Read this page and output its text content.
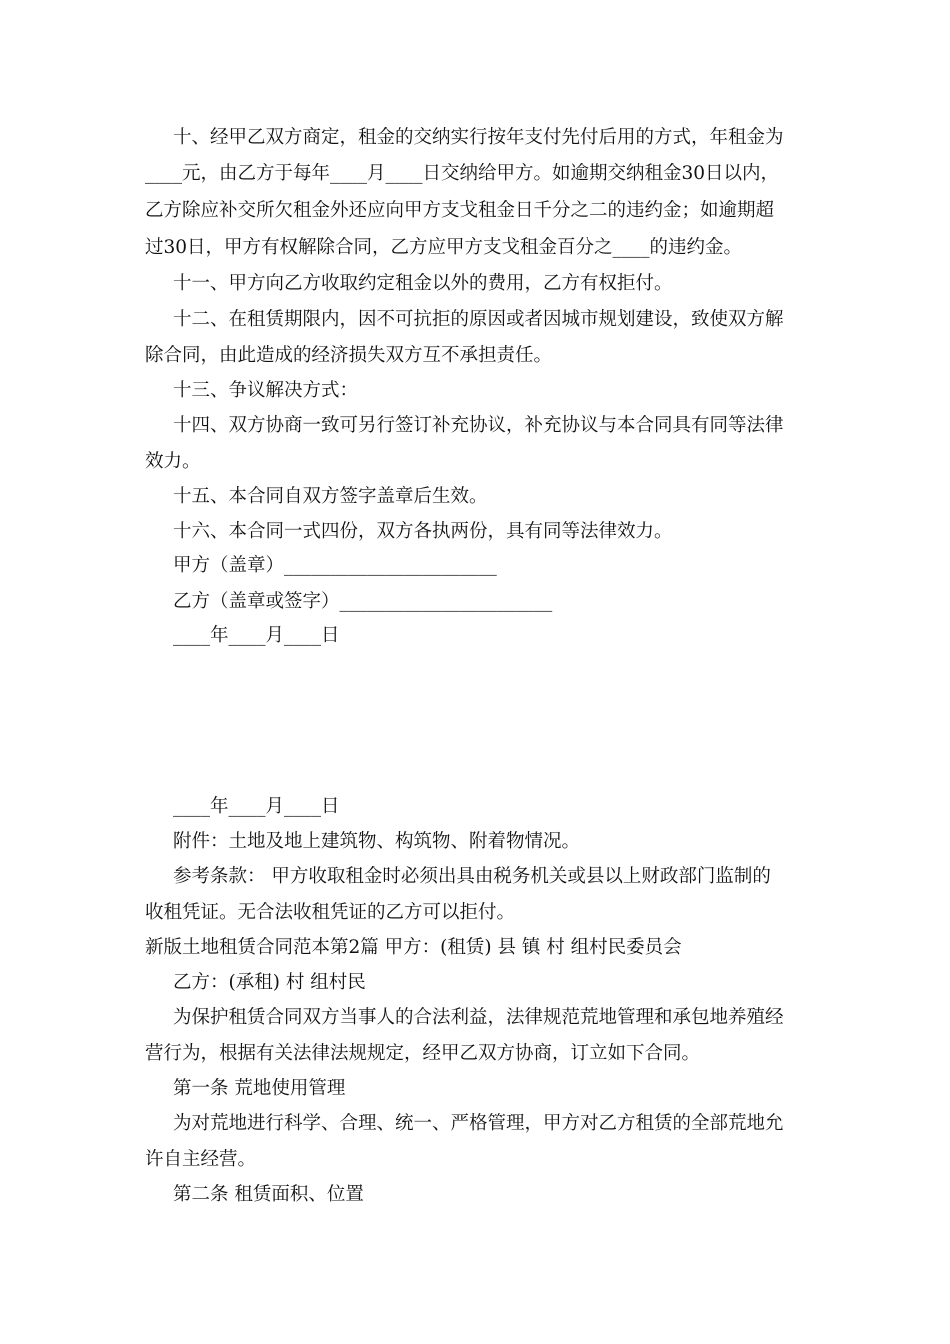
十、经甲乙双方商定，租金的交纳实行按年支付先付后用的方式，年租金为
____元，由乙方于每年____月____日交纳给甲方。如逾期交纳租金30日以内，
乙方除应补交所欠租金外还应向甲方支戈租金日千分之二的违约金；如逾期超
过30日，甲方有权解除合同，乙方应甲方支戈租金百分之____的违约金。
十一、甲方向乙方收取约定租金以外的费用，乙方有权拒付。
十二、在租赁期限内，因不可抗拒的原因或者因城市规划建设，致使双方解
除合同，由此造成的经济损失双方互不承担责任。
十三、争议解决方式：
十四、双方协商一致可另行签订补充协议，补充协议与本合同具有同等法律
效力。
十五、本合同自双方签字盖章后生效。
十六、本合同一式四份，双方各执两份，具有同等法律效力。
甲方（盖章）_______________________
乙方（盖章或签字）_______________________
____年____月____日
____年____月____日
附件：土地及地上建筑物、构筑物、附着物情况。
参考条款： 甲方收取租金时必须出具由税务机关或县以上财政部门监制的
收租凭证。无合法收租凭证的乙方可以拒付。
新版土地租赁合同范本第2篇 甲方：(租赁) 县 镇 村 组村民委员会
乙方：(承租) 村 组村民
为保护租赁合同双方当事人的合法利益，法律规范荒地管理和承包地养殖经
营行为，根据有关法律法规规定，经甲乙双方协商，订立如下合同。
第一条 荒地使用管理
为对荒地进行科学、合理、统一、严格管理，甲方对乙方租赁的全部荒地允
许自主经营。
第二条 租赁面积、位置
